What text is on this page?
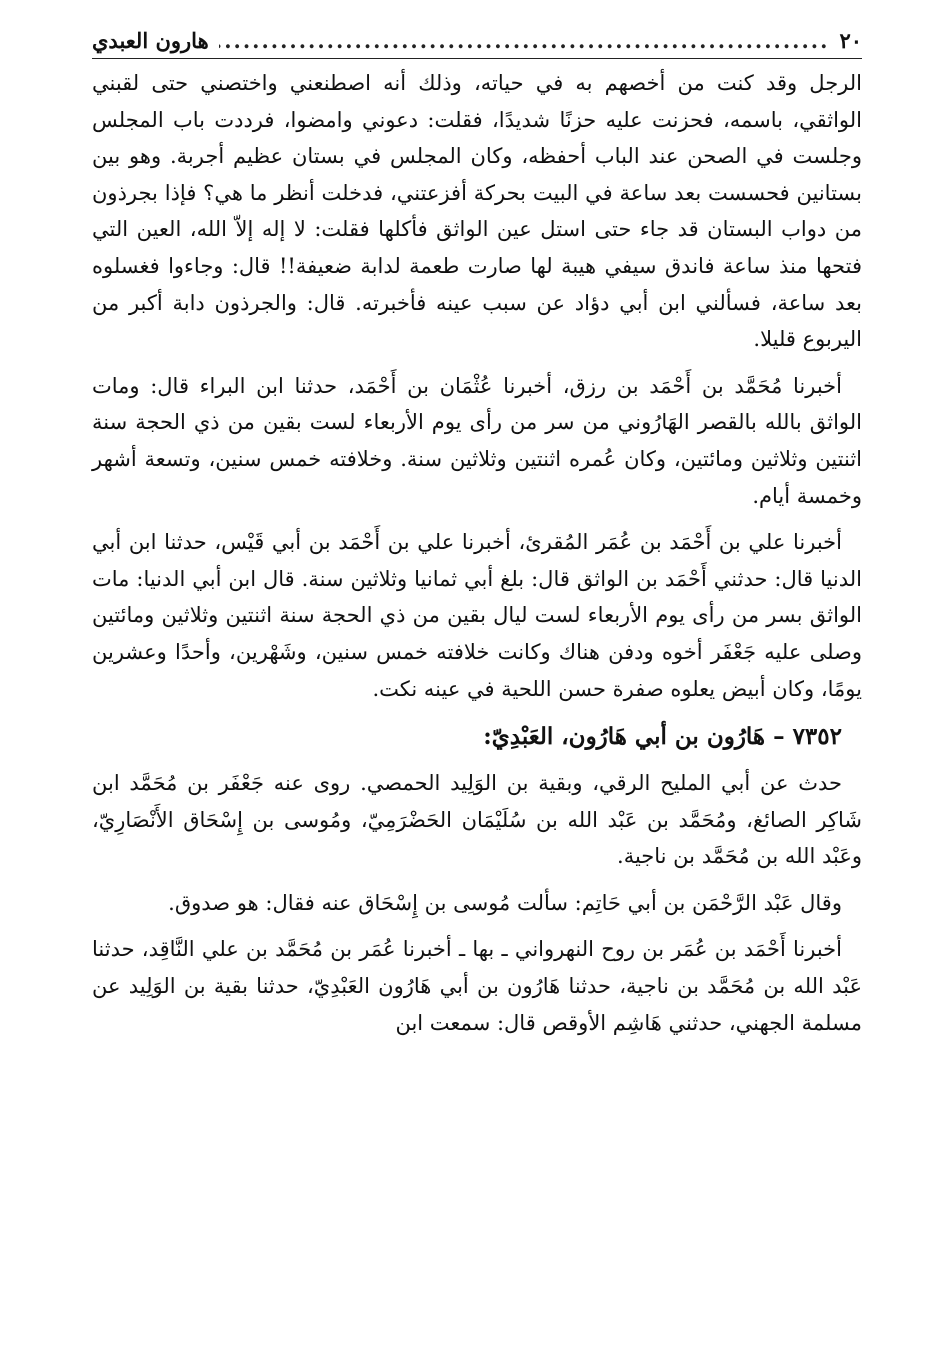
٢٠
.....
هارون العبدي

الرجل وقد كنت من أخصهم به في حياته، وذلك أنه اصطنعني واختصني حتى لقبني الواثقي، باسمه، فحزنت عليه حزنًا شديدًا، فقلت: دعوني وامضوا، فرددت باب المجلس وجلست في الصحن عند الباب أحفظه، وكان المجلس في بستان عظيم أجربة. وهو بين بستانين فحسست بعد ساعة في البيت بحركة أفزعتني، فدخلت أنظر ما هي؟ فإذا بجرذون من دواب البستان قد جاء حتى استل عين الواثق فأكلها فقلت: لا إله إلاّ الله، العين التي فتحها منذ ساعة فاندق سيفي هيبة لها صارت طعمة لدابة ضعيفة!! قال: وجاءوا فغسلوه بعد ساعة، فسألني ابن أبي دؤاد عن سبب عينه فأخبرته. قال: والجرذون دابة أكبر من اليربوع قليلا.

أخبرنا مُحَمَّد بن أَحْمَد بن رزق، أخبرنا عُثْمَان بن أَحْمَد، حدثنا ابن البراء قال: ومات الواثق بالله بالقصر الهَارُوني من سر من رأى يوم الأربعاء لست بقين من ذي الحجة سنة اثنتين وثلاثين ومائتين، وكان عُمره اثنتين وثلاثين سنة. وخلافته خمس سنين، وتسعة أشهر وخمسة أيام.

أخبرنا علي بن أَحْمَد بن عُمَر المُقرئ، أخبرنا علي بن أَحْمَد بن أبي قَيْس، حدثنا ابن أبي الدنيا قال: حدثني أَحْمَد بن الواثق قال: بلغ أبي ثمانيا وثلاثين سنة. قال ابن أبي الدنيا: مات الواثق بسر من رأى يوم الأربعاء لست ليال بقين من ذي الحجة سنة اثنتين وثلاثين ومائتين وصلى عليه جَعْفَر أخوه ودفن هناك وكانت خلافته خمس سنين، وشَهْرين، وأحدًا وعشرين يومًا، وكان أبيض يعلوه صفرة حسن اللحية في عينه نكت.

٧٣٥٢ – هَارُون بن أبي هَارُون، العَبْدِيّ:

حدث عن أبي المليح الرقي، وبقية بن الوَلِيد الحمصي. روى عنه جَعْفَر بن مُحَمَّد ابن شَاكِر الصائغ، ومُحَمَّد بن عَبْد الله بن سُلَيْمَان الحَضْرَمِيّ، ومُوسى بن إِسْحَاق الأَنْصَارِيّ، وعَبْد الله بن مُحَمَّد بن ناجية.

وقال عَبْد الرَّحْمَن بن أبي حَاتِم: سألت مُوسى بن إِسْحَاق عنه فقال: هو صدوق.

أخبرنا أَحْمَد بن عُمَر بن روح النهرواني ـ بها ـ أخبرنا عُمَر بن مُحَمَّد بن علي النَّاقِد، حدثنا عَبْد الله بن مُحَمَّد بن ناجية، حدثنا هَارُون بن أبي هَارُون العَبْدِيّ، حدثنا بقية بن الوَلِيد عن مسلمة الجهني، حدثني هَاشِم الأوقص قال: سمعت ابن
